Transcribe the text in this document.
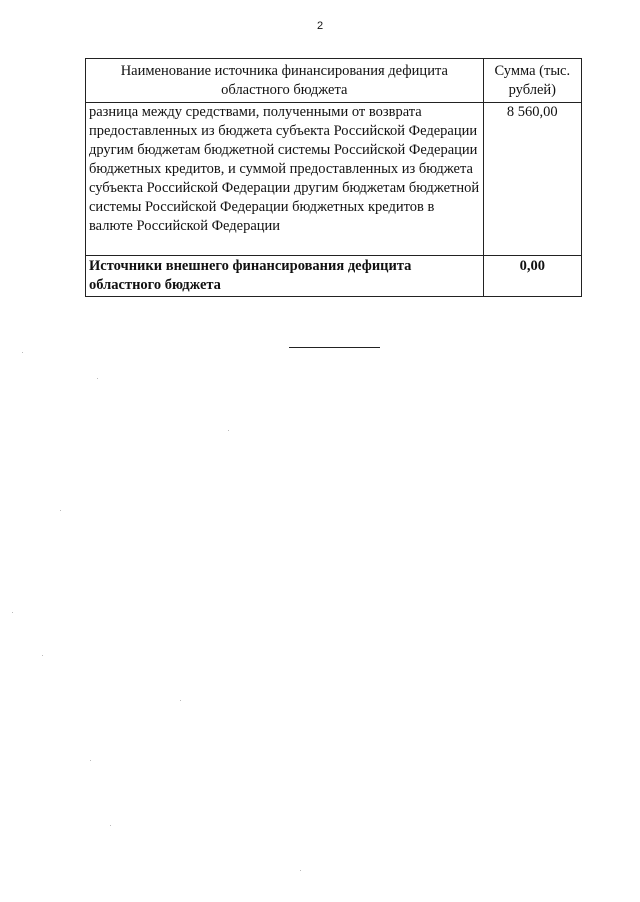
2
Наименование источника финансирования дефицита областного бюджета	Сумма (тыс. рублей)
разница между средствами, полученными от возврата предоставленных из бюджета субъекта Российской Федерации другим бюджетам бюджетной системы Российской Федерации бюджетных кредитов, и суммой предоставленных из бюджета субъекта Российской Федерации другим бюджетам бюджетной системы Российской Федерации бюджетных кредитов в валюте Российской Федерации	8 560,00
Источники внешнего финансирования дефицита областного бюджета	0,00
